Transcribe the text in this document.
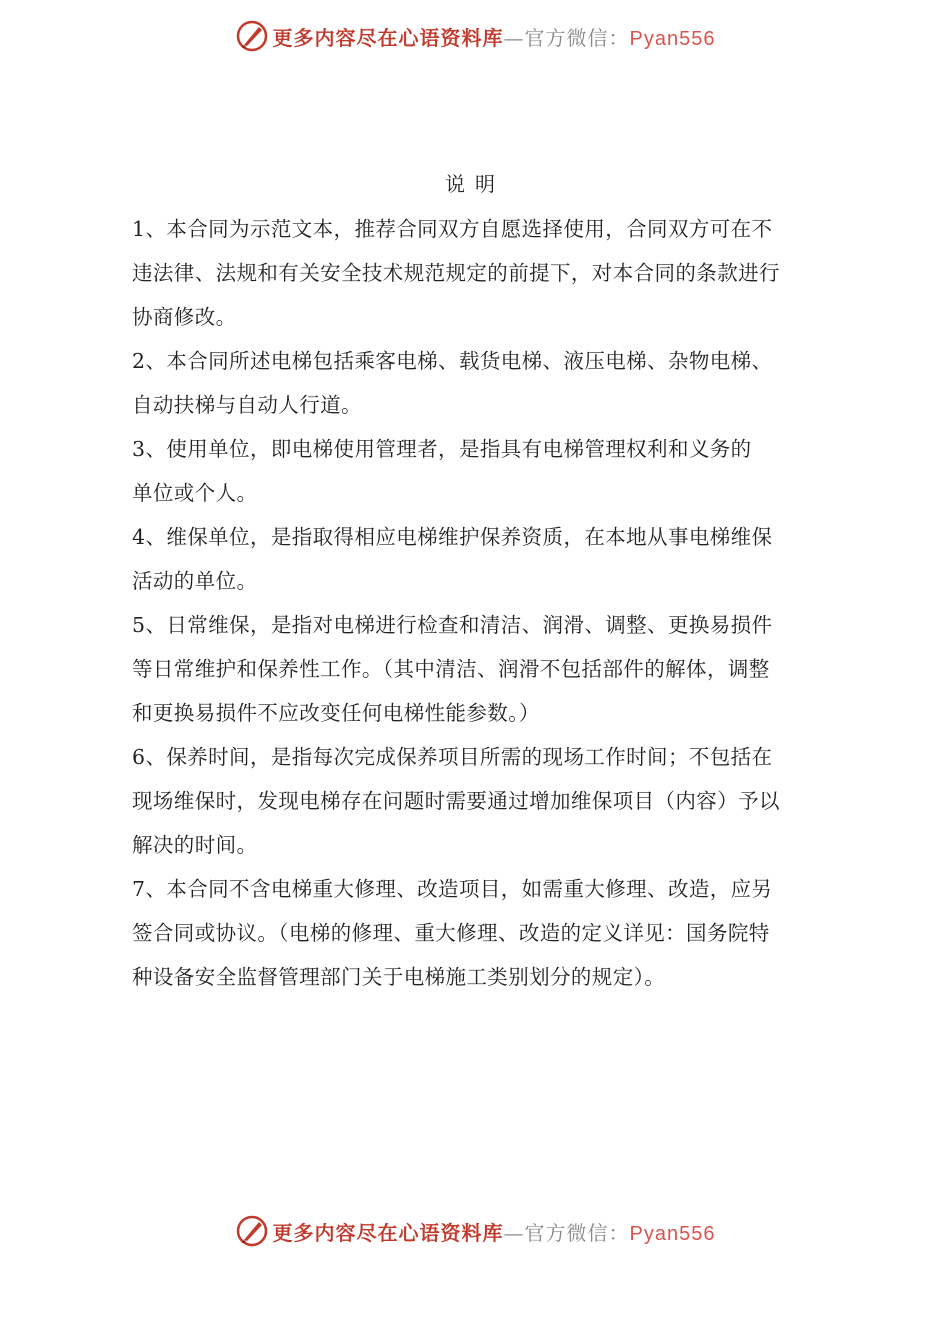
更多内容尽在心语资料库—官方微信：Pyan556
说明
1、本合同为示范文本，推荐合同双方自愿选择使用，合同双方可在不
违法律、法规和有关安全技术规范规定的前提下，对本合同的条款进行
协商修改。
2、本合同所述电梯包括乘客电梯、载货电梯、液压电梯、杂物电梯、
自动扶梯与自动人行道。
3、使用单位，即电梯使用管理者，是指具有电梯管理权利和义务的
单位或个人。
4、维保单位，是指取得相应电梯维护保养资质，在本地从事电梯维保
活动的单位。
5、日常维保，是指对电梯进行检查和清洁、润滑、调整、更换易损件
等日常维护和保养性工作。（其中清洁、润滑不包括部件的解体，调整
和更换易损件不应改变任何电梯性能参数。）
6、保养时间，是指每次完成保养项目所需的现场工作时间；不包括在
现场维保时，发现电梯存在问题时需要通过增加维保项目（内容）予以
解决的时间。
7、本合同不含电梯重大修理、改造项目，如需重大修理、改造，应另
签合同或协议。（电梯的修理、重大修理、改造的定义详见：国务院特
种设备安全监督管理部门关于电梯施工类别划分的规定）。
更多内容尽在心语资料库—官方微信：Pyan556
